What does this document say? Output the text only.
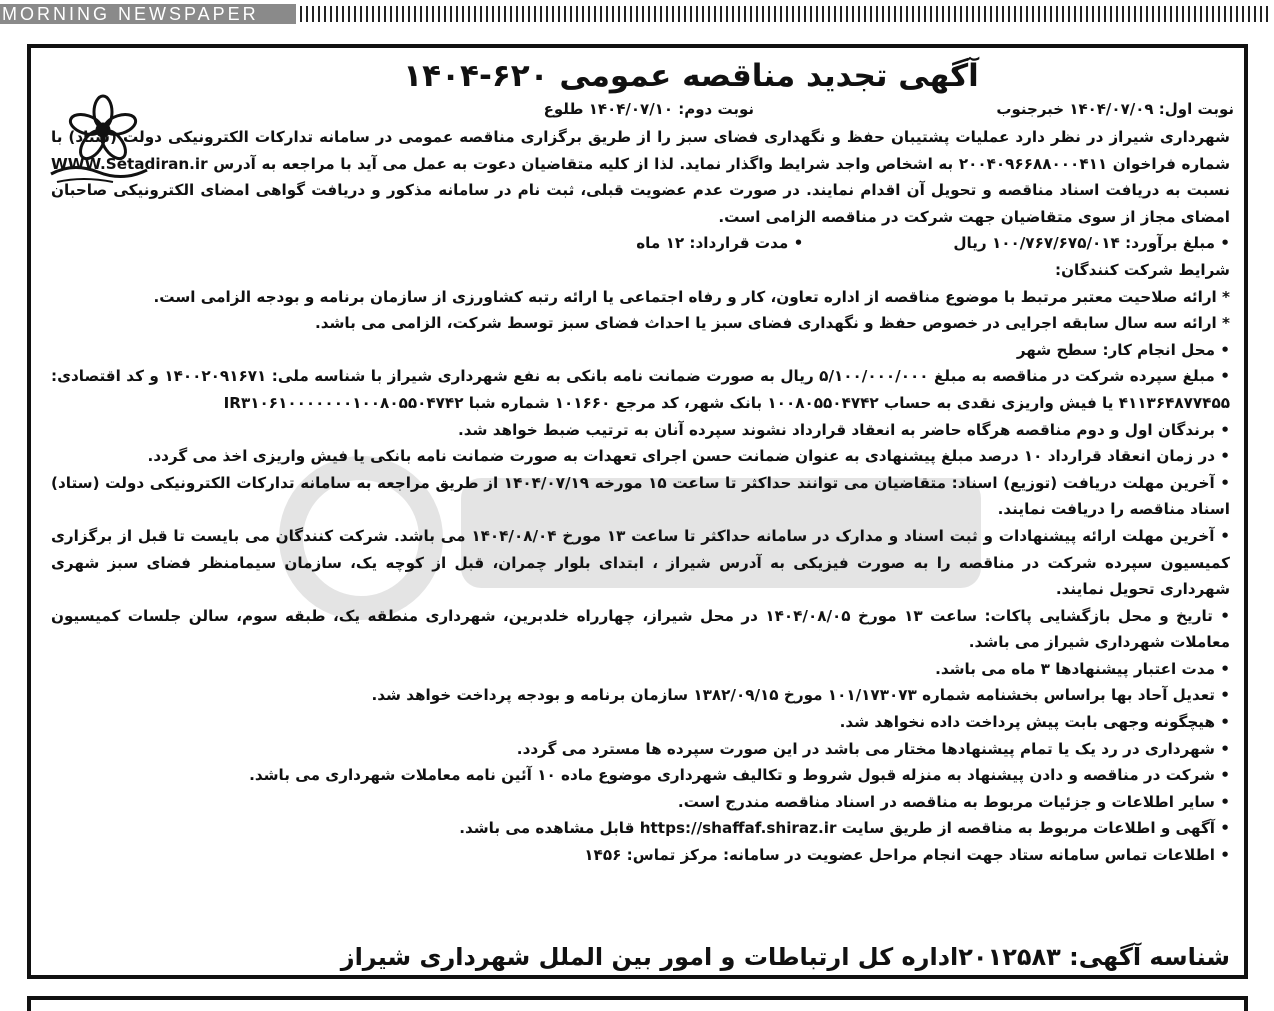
MORNING NEWSPAPER
آگهی تجدید مناقصه عمومی ۶۲۰-۱۴۰۴
نوبت اول: ۱۴۰۴/۰۷/۰۹ خبرجنوب
نوبت دوم: ۱۴۰۴/۰۷/۱۰ طلوع

شهرداری شیراز در نظر دارد عملیات پشتیبان حفظ و نگهداری فضای سبز را از طریق برگزاری مناقصه عمومی در سامانه تدارکات الکترونیکی دولت (ستاد) با شماره فراخوان ۲۰۰۴۰۹۶۶۸۸۰۰۰۴۱۱ به اشخاص واجد شرایط واگذار نماید. لذا از کلیه متقاضیان دعوت به عمل می آید با مراجعه به آدرس WWW.Setadiran.ir نسبت به دریافت اسناد مناقصه و تحویل آن اقدام نمایند. در صورت عدم عضویت قبلی، ثبت نام در سامانه مذکور و دریافت گواهی امضای الکترونیکی صاحبان امضای مجاز از سوی متقاضیان جهت شرکت در مناقصه الزامی است.

• مبلغ برآورد: ۱۰۰/۷۶۷/۶۷۵/۰۱۴ ریال
• مدت قرارداد: ۱۲ ماه

شرایط شرکت کنندگان:

* ارائه صلاحیت معتبر مرتبط با موضوع مناقصه از اداره تعاون، کار و رفاه اجتماعی یا ارائه رتبه کشاورزی از سازمان برنامه و بودجه الزامی است.

* ارائه سه سال سابقه اجرایی در خصوص حفظ و نگهداری فضای سبز یا احداث فضای سبز توسط شرکت، الزامی می باشد.

• محل انجام کار: سطح شهر

• مبلغ سپرده شرکت در مناقصه به مبلغ ۵/۱۰۰/۰۰۰/۰۰۰ ریال به صورت ضمانت نامه بانکی به نفع شهرداری شیراز با شناسه ملی: ۱۴۰۰۲۰۹۱۶۷۱ و کد اقتصادی: ۴۱۱۳۶۴۸۷۷۴۵۵ یا فیش واریزی نقدی به حساب ۱۰۰۸۰۵۵۰۴۷۴۲ بانک شهر، کد مرجع ۱۰۱۶۶۰ شماره شبا IR۳۱۰۶۱۰۰۰۰۰۰۰۱۰۰۸۰۵۵۰۴۷۴۲

• برندگان اول و دوم مناقصه هرگاه حاضر به انعقاد قرارداد نشوند سپرده آنان به ترتیب ضبط خواهد شد.

• در زمان انعقاد قرارداد ۱۰ درصد مبلغ پیشنهادی به عنوان ضمانت حسن اجرای تعهدات به صورت ضمانت نامه بانکی یا فیش واریزی اخذ می گردد.

• آخرین مهلت دریافت (توزیع) اسناد: متقاضیان می توانند حداکثر تا ساعت ۱۵ مورخه ۱۴۰۴/۰۷/۱۹ از طریق مراجعه به سامانه تدارکات الکترونیکی دولت (ستاد) اسناد مناقصه را دریافت نمایند.

• آخرین مهلت ارائه پیشنهادات و ثبت اسناد و مدارک در سامانه حداکثر تا ساعت ۱۳ مورخ ۱۴۰۴/۰۸/۰۴ می باشد. شرکت کنندگان می بایست تا قبل از برگزاری کمیسیون سپرده شرکت در مناقصه را به صورت فیزیکی به آدرس شیراز ، ابتدای بلوار چمران، قبل از کوچه یک، سازمان سیمامنظر فضای سبز شهری شهرداری تحویل نمایند.

• تاریخ و محل بازگشایی پاکات: ساعت ۱۳ مورخ ۱۴۰۴/۰۸/۰۵ در محل شیراز، چهارراه خلدبرین، شهرداری منطقه یک، طبقه سوم، سالن جلسات کمیسیون معاملات شهرداری شیراز می باشد.

• مدت اعتبار پیشنهادها ۳ ماه می باشد.

• تعدیل آحاد بها براساس بخشنامه شماره ۱۰۱/۱۷۳۰۷۳ مورخ ۱۳۸۲/۰۹/۱۵ سازمان برنامه و بودجه پرداخت خواهد شد.

• هیچگونه وجهی بابت پیش پرداخت داده نخواهد شد.

• شهرداری در رد یک یا تمام پیشنهادها مختار می باشد در این صورت سپرده ها مسترد می گردد.

• شرکت در مناقصه و دادن پیشنهاد به منزله قبول شروط و تکالیف شهرداری موضوع ماده ۱۰ آئین نامه معاملات شهرداری می باشد.

• سایر اطلاعات و جزئیات مربوط به مناقصه در اسناد مناقصه مندرج است.

• آگهی و اطلاعات مربوط به مناقصه از طریق سایت https://shaffaf.shiraz.ir قابل مشاهده می باشد.

• اطلاعات تماس سامانه ستاد جهت انجام مراحل عضویت در سامانه: مرکز تماس: ۱۴۵۶

شناسه آگهی: ۲۰۱۲۵۸۳
اداره کل ارتباطات و امور بین الملل شهرداری شیراز
